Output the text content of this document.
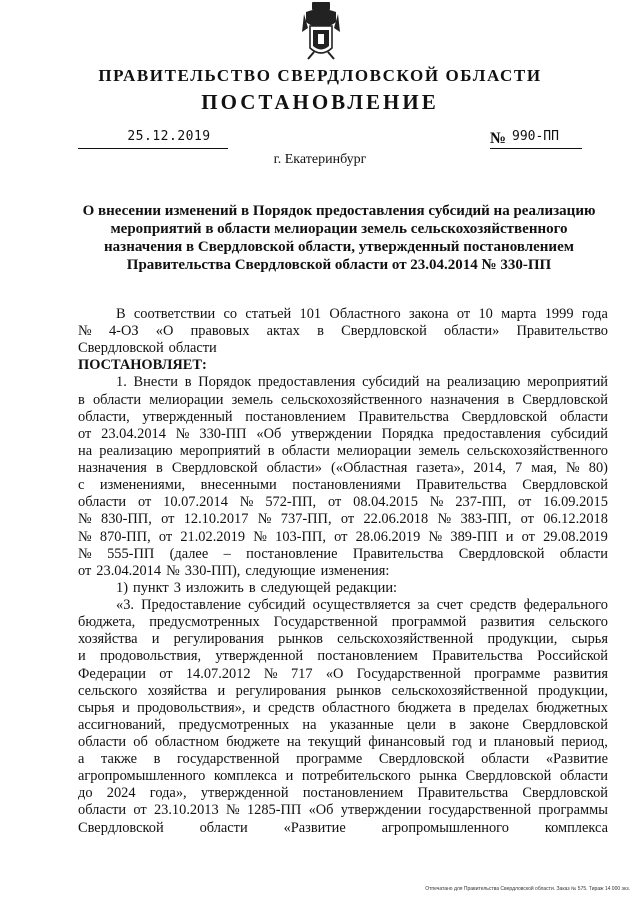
ПРАВИТЕЛЬСТВО СВЕРДЛОВСКОЙ ОБЛАСТИ
ПОСТАНОВЛЕНИЕ
25.12.2019	№ 990-ПП
г. Екатеринбург
О внесении изменений в Порядок предоставления субсидий на реализацию мероприятий в области мелиорации земель сельскохозяйственного назначения в Свердловской области, утвержденный постановлением Правительства Свердловской области от 23.04.2014 № 330-ПП
В соответствии со статьей 101 Областного закона от 10 марта 1999 года
№ 4-ОЗ «О правовых актах в Свердловской области» Правительство
Свердловской области
ПОСТАНОВЛЯЕТ:
1. Внести в Порядок предоставления субсидий на реализацию мероприятий
в области мелиорации земель сельскохозяйственного назначения в Свердловской
области, утвержденный постановлением Правительства Свердловской области
от 23.04.2014 № 330-ПП «Об утверждении Порядка предоставления субсидий
на реализацию мероприятий в области мелиорации земель сельскохозяйственного
назначения в Свердловской области» («Областная газета», 2014, 7 мая, № 80)
с изменениями, внесенными постановлениями Правительства Свердловской
области от 10.07.2014 № 572-ПП, от 08.04.2015 № 237-ПП, от 16.09.2015
№ 830-ПП, от 12.10.2017 № 737-ПП, от 22.06.2018 № 383-ПП, от 06.12.2018
№ 870-ПП, от 21.02.2019 № 103-ПП, от 28.06.2019 № 389-ПП и от 29.08.2019
№ 555-ПП (далее – постановление Правительства Свердловской области
от 23.04.2014 № 330-ПП), следующие изменения:
1) пункт 3 изложить в следующей редакции:
«3. Предоставление субсидий осуществляется за счет средств федерального
бюджета, предусмотренных Государственной программой развития сельского
хозяйства и регулирования рынков сельскохозяйственной продукции, сырья
и продовольствия, утвержденной постановлением Правительства Российской
Федерации от 14.07.2012 № 717 «О Государственной программе развития
сельского хозяйства и регулирования рынков сельскохозяйственной продукции,
сырья и продовольствия», и средств областного бюджета в пределах бюджетных
ассигнований, предусмотренных на указанные цели в законе Свердловской
области об областном бюджете на текущий финансовый год и плановый период,
а также в государственной программе Свердловской области «Развитие
агропромышленного комплекса и потребительского рынка Свердловской области
до 2024 года», утвержденной постановлением Правительства Свердловской
области от 23.10.2013 № 1285-ПП «Об утверждении государственной программы
Свердловской области «Развитие агропромышленного комплекса
Отпечатано для Правительства Свердловской области. Заказ № 575. Тираж 14 000 экз.
